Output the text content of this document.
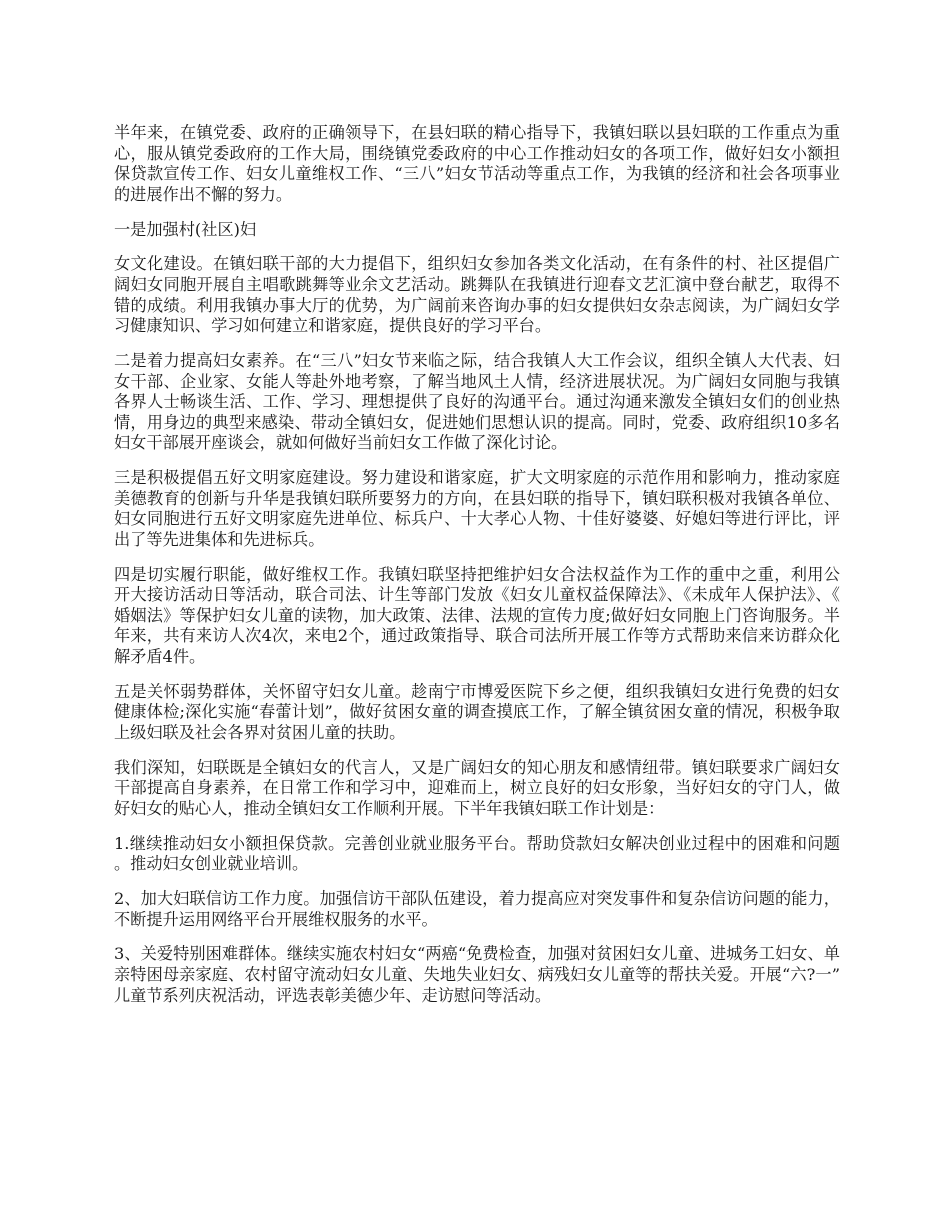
半年来，在镇党委、政府的正确领导下，在县妇联的精心指导下，我镇妇联以县妇联的工作重点为重心，服从镇党委政府的工作大局，围绕镇党委政府的中心工作推动妇女的各项工作，做好妇女小额担保贷款宣传工作、妇女儿童维权工作、“三八”妇女节活动等重点工作，为我镇的经济和社会各项事业的进展作出不懈的努力。

一是加强村(社区)妇

女文化建设。在镇妇联干部的大力提倡下，组织妇女参加各类文化活动，在有条件的村、社区提倡广阔妇女同胞开展自主唱歌跳舞等业余文艺活动。跳舞队在我镇进行迎春文艺汇演中登台献艺，取得不错的成绩。利用我镇办事大厅的优势，为广阔前来咨询办事的妇女提供妇女杂志阅读，为广阔妇女学习健康知识、学习如何建立和谐家庭，提供良好的学习平台。

二是着力提高妇女素养。在“三八”妇女节来临之际，结合我镇人大工作会议，组织全镇人大代表、妇女干部、企业家、女能人等赴外地考察，了解当地风土人情，经济进展状况。为广阔妇女同胞与我镇各界人士畅谈生活、工作、学习、理想提供了良好的沟通平台。通过沟通来激发全镇妇女们的创业热情，用身边的典型来感染、带动全镇妇女，促进她们思想认识的提高。同时，党委、政府组织10多名妇女干部展开座谈会，就如何做好当前妇女工作做了深化讨论。

三是积极提倡五好文明家庭建设。努力建设和谐家庭，扩大文明家庭的示范作用和影响力，推动家庭美德教育的创新与升华是我镇妇联所要努力的方向，在县妇联的指导下，镇妇联积极对我镇各单位、妇女同胞进行五好文明家庭先进单位、标兵户、十大孝心人物、十佳好婆婆、好媳妇等进行评比，评出了等先进集体和先进标兵。

四是切实履行职能，做好维权工作。我镇妇联坚持把维护妇女合法权益作为工作的重中之重，利用公开大接访活动日等活动，联合司法、计生等部门发放《妇女儿童权益保障法》、《未成年人保护法》、《婚姻法》等保护妇女儿童的读物，加大政策、法律、法规的宣传力度;做好妇女同胞上门咨询服务。半年来，共有来访人次4次，来电2个，通过政策指导、联合司法所开展工作等方式帮助来信来访群众化解矛盾4件。

五是关怀弱势群体，关怀留守妇女儿童。趁南宁市博爱医院下乡之便，组织我镇妇女进行免费的妇女健康体检;深化实施“春蕾计划”，做好贫困女童的调查摸底工作，了解全镇贫困女童的情况，积极争取上级妇联及社会各界对贫困儿童的扶助。

我们深知，妇联既是全镇妇女的代言人，又是广阔妇女的知心朋友和感情纽带。镇妇联要求广阔妇女干部提高自身素养，在日常工作和学习中，迎难而上，树立良好的妇女形象，当好妇女的守门人，做好妇女的贴心人，推动全镇妇女工作顺利开展。下半年我镇妇联工作计划是：

1.继续推动妇女小额担保贷款。完善创业就业服务平台。帮助贷款妇女解决创业过程中的困难和问题。推动妇女创业就业培训。

2、加大妇联信访工作力度。加强信访干部队伍建设，着力提高应对突发事件和复杂信访问题的能力，不断提升运用网络平台开展维权服务的水平。

3、关爱特别困难群体。继续实施农村妇女“两癌“免费检查，加强对贫困妇女儿童、进城务工妇女、单亲特困母亲家庭、农村留守流动妇女儿童、失地失业妇女、病残妇女儿童等的帮扶关爱。开展“六?一”儿童节系列庆祝活动，评选表彰美德少年、走访慰问等活动。
